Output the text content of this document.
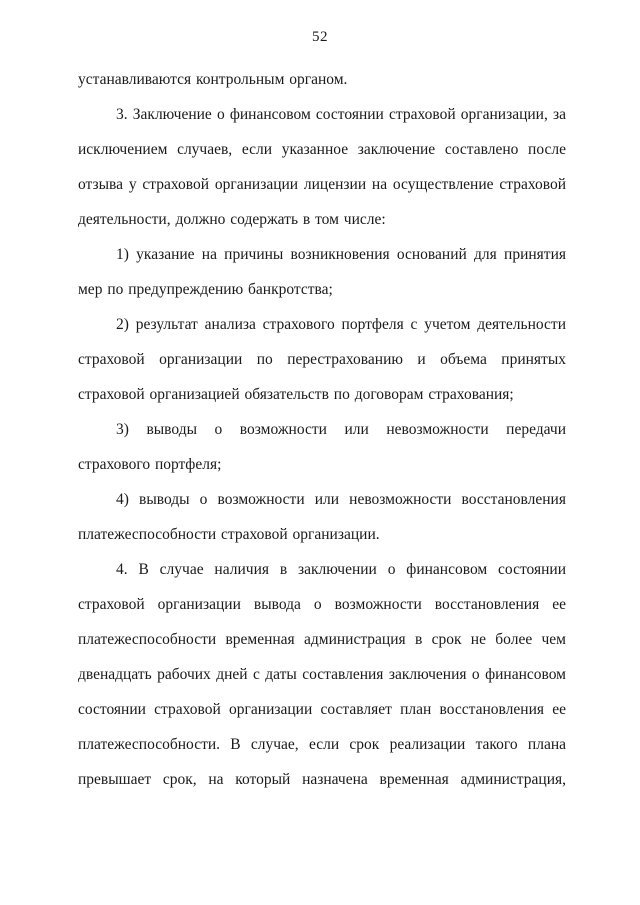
52

устанавливаются контрольным органом.

3. Заключение о финансовом состоянии страховой организации, за исключением случаев, если указанное заключение составлено после отзыва у страховой организации лицензии на осуществление страховой деятельности, должно содержать в том числе:

1) указание на причины возникновения оснований для принятия мер по предупреждению банкротства;

2) результат анализа страхового портфеля с учетом деятельности страховой организации по перестрахованию и объема принятых страховой организацией обязательств по договорам страхования;

3) выводы о возможности или невозможности передачи страхового портфеля;

4) выводы о возможности или невозможности восстановления платежеспособности страховой организации.

4. В случае наличия в заключении о финансовом состоянии страховой организации вывода о возможности восстановления ее платежеспособности временная администрация в срок не более чем двенадцать рабочих дней с даты составления заключения о финансовом состоянии страховой организации составляет план восстановления ее платежеспособности. В случае, если срок реализации такого плана превышает срок, на который назначена временная администрация,
